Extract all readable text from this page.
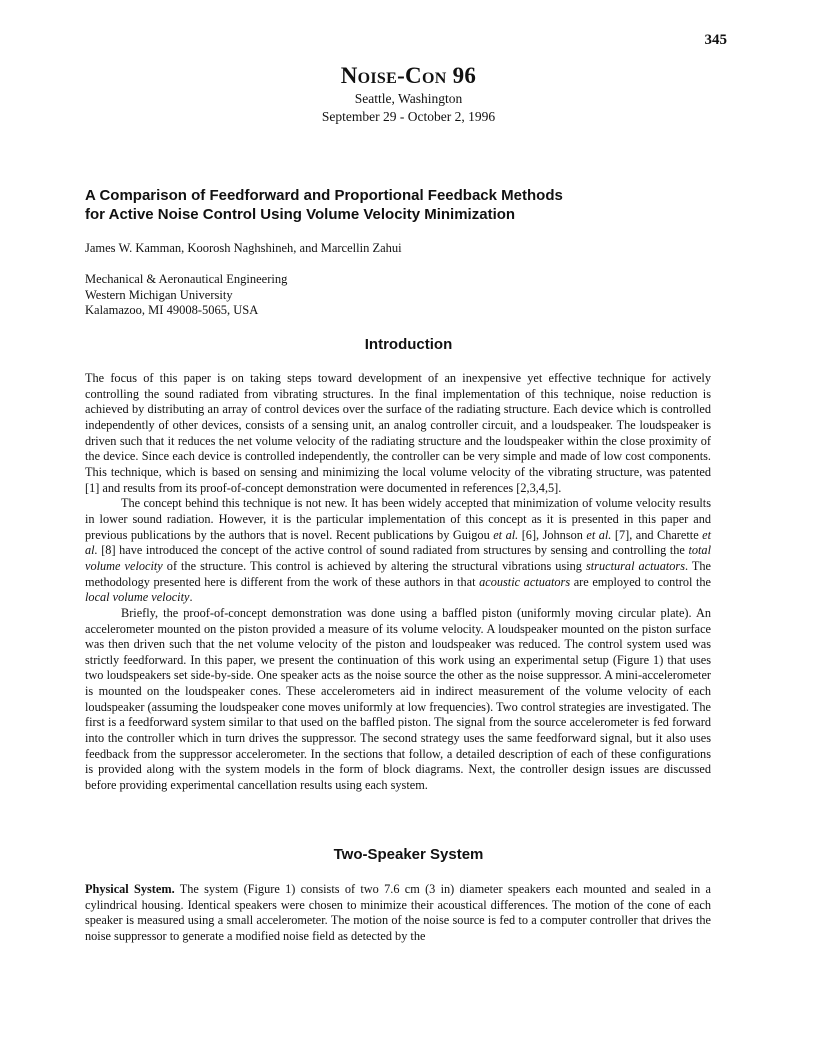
345
Noise-Con 96
Seattle, Washington
September 29 - October 2, 1996
A Comparison of Feedforward and Proportional Feedback Methods
for Active Noise Control Using Volume Velocity Minimization
James W. Kamman, Koorosh Naghshineh, and Marcellin Zahui
Mechanical & Aeronautical Engineering
Western Michigan University
Kalamazoo, MI 49008-5065, USA
Introduction

The focus of this paper is on taking steps toward development of an inexpensive yet effective technique for actively controlling the sound radiated from vibrating structures. In the final implementation of this technique, noise reduction is achieved by distributing an array of control devices over the surface of the radiating structure. Each device which is controlled independently of other devices, consists of a sensing unit, an analog controller circuit, and a loudspeaker. The loudspeaker is driven such that it reduces the net volume velocity of the radiating structure and the loudspeaker within the close proximity of the device. Since each device is controlled independently, the controller can be very simple and made of low cost components. This technique, which is based on sensing and minimizing the local volume velocity of the vibrating structure, was patented [1] and results from its proof-of-concept demonstration were documented in references [2,3,4,5].

The concept behind this technique is not new. It has been widely accepted that minimization of volume velocity results in lower sound radiation. However, it is the particular implementation of this concept as it is presented in this paper and previous publications by the authors that is novel. Recent publications by Guigou et al. [6], Johnson et al. [7], and Charette et al. [8] have introduced the concept of the active control of sound radiated from structures by sensing and controlling the total volume velocity of the structure. This control is achieved by altering the structural vibrations using structural actuators. The methodology presented here is different from the work of these authors in that acoustic actuators are employed to control the local volume velocity.

Briefly, the proof-of-concept demonstration was done using a baffled piston (uniformly moving circular plate). An accelerometer mounted on the piston provided a measure of its volume velocity. A loudspeaker mounted on the piston surface was then driven such that the net volume velocity of the piston and loudspeaker was reduced. The control system used was strictly feedforward. In this paper, we present the continuation of this work using an experimental setup (Figure 1) that uses two loudspeakers set side-by-side. One speaker acts as the noise source the other as the noise suppressor. A mini-accelerometer is mounted on the loudspeaker cones. These accelerometers aid in indirect measurement of the volume velocity of each loudspeaker (assuming the loudspeaker cone moves uniformly at low frequencies). Two control strategies are investigated. The first is a feedforward system similar to that used on the baffled piston. The signal from the source accelerometer is fed forward into the controller which in turn drives the suppressor. The second strategy uses the same feedforward signal, but it also uses feedback from the suppressor accelerometer. In the sections that follow, a detailed description of each of these configurations is provided along with the system models in the form of block diagrams. Next, the controller design issues are discussed before providing experimental cancellation results using each system.

Two-Speaker System

Physical System. The system (Figure 1) consists of two 7.6 cm (3 in) diameter speakers each mounted and sealed in a cylindrical housing. Identical speakers were chosen to minimize their acoustical differences. The motion of the cone of each speaker is measured using a small accelerometer. The motion of the noise source is fed to a computer controller that drives the noise suppressor to generate a modified noise field as detected by the
